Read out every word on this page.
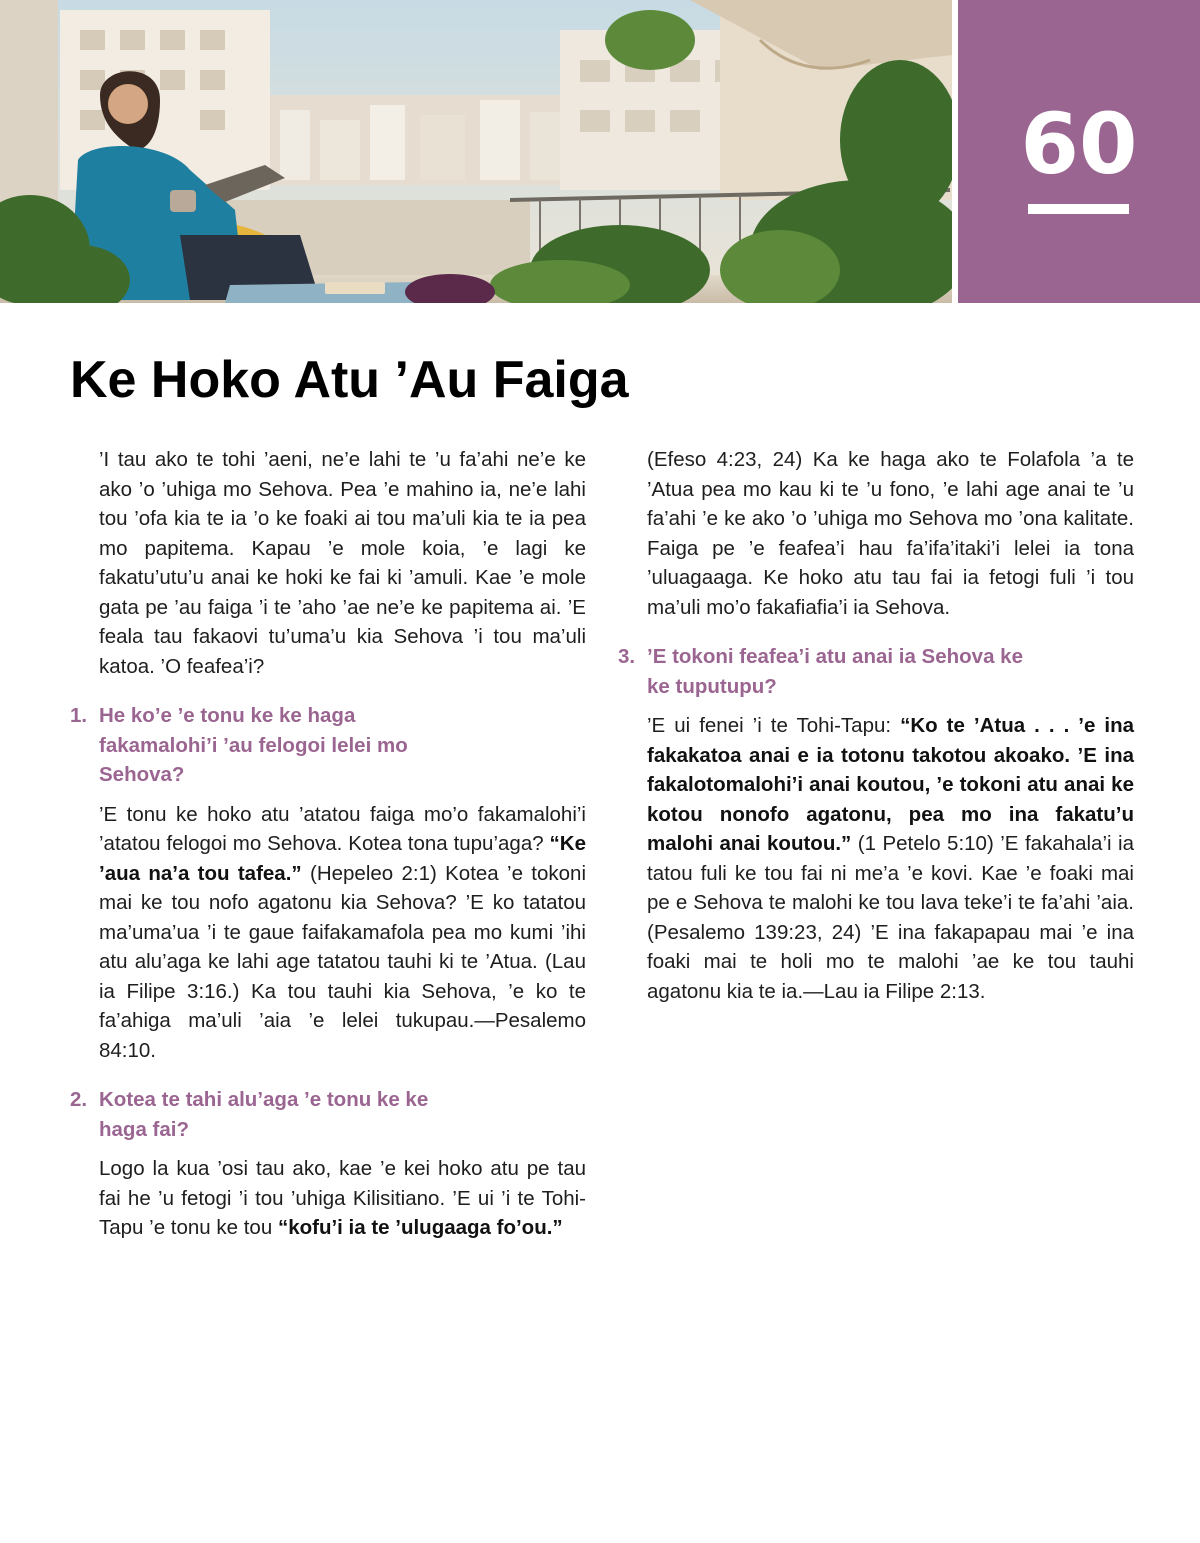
60
Ke Hoko Atu ’Au Faiga

’I tau ako te tohi ’aeni, ne’e lahi te ’u fa’ahi ne’e ke ako ’o ’uhiga mo Sehova. Pea ’e mahino ia, ne’e lahi tou ’ofa kia te ia ’o ke foaki ai tou ma’uli kia te ia pea mo papitema. Kapau ’e mole koia, ’e lagi ke fakatu’utu’u anai ke hoki ke fai ki ’amuli. Kae ’e mole gata pe ’au faiga ’i te ’aho ’ae ne’e ke papitema ai. ’E feala tau fakaovi tu’uma’u kia Sehova ’i tou ma’uli katoa. ’O feafea’i?

1. He ko’e ’e tonu ke ke haga fakamalohi’i ’au felogoi lelei mo Sehova?

’E tonu ke hoko atu ’atatou faiga mo’o fakamalohi’i ’atatou felogoi mo Sehova. Kotea tona tupu’aga? “Ke ’aua na’a tou tafea.” (Hepeleo 2:1) Kotea ’e tokoni mai ke tou nofo agatonu kia Sehova? ’E ko tatatou ma’uma’ua ’i te gaue faifakamafola pea mo kumi ’ihi atu alu’aga ke lahi age tatatou tauhi ki te ’Atua. (Lau ia Filipe 3:16.) Ka tou tauhi kia Sehova, ’e ko te fa’ahiga ma’uli ’aia ’e lelei tukupau.—Pesalemo 84:10.

2. Kotea te tahi alu’aga ’e tonu ke ke haga fai?

Logo la kua ’osi tau ako, kae ’e kei hoko atu pe tau fai he ’u fetogi ’i tou ’uhiga Kilisitiano. ’E ui ’i te Tohi-Tapu ’e tonu ke tou “kofu’i ia te ’ulugaaga fo’ou.”

(Efeso 4:23, 24) Ka ke haga ako te Folafola ’a te ’Atua pea mo kau ki te ’u fono, ’e lahi age anai te ’u fa’ahi ’e ke ako ’o ’uhiga mo Sehova mo ’ona kalitate. Faiga pe ’e feafea’i hau fa’ifa’itaki’i lelei ia tona ’uluagaaga. Ke hoko atu tau fai ia fetogi fuli ’i tou ma’uli mo’o fakafiafia’i ia Sehova.

3. ’E tokoni feafea’i atu anai ia Sehova ke ke tuputupu?

’E ui fenei ’i te Tohi-Tapu: “Ko te ’Atua . . . ’e ina fakakatoa anai e ia totonu takotou akoako. ’E ina fakalotomalohi’i anai koutou, ’e tokoni atu anai ke kotou nonofo agatonu, pea mo ina fakatu’u malohi anai koutou.” (1 Petelo 5:10) ’E fakahala’i ia tatou fuli ke tou fai ni me’a ’e kovi. Kae ’e foaki mai pe e Sehova te malohi ke tou lava teke’i te fa’ahi ’aia. (Pesalemo 139:23, 24) ’E ina fakapapau mai ’e ina foaki mai te holi mo te malohi ’ae ke tou tauhi agatonu kia te ia.—Lau ia Filipe 2:13.
